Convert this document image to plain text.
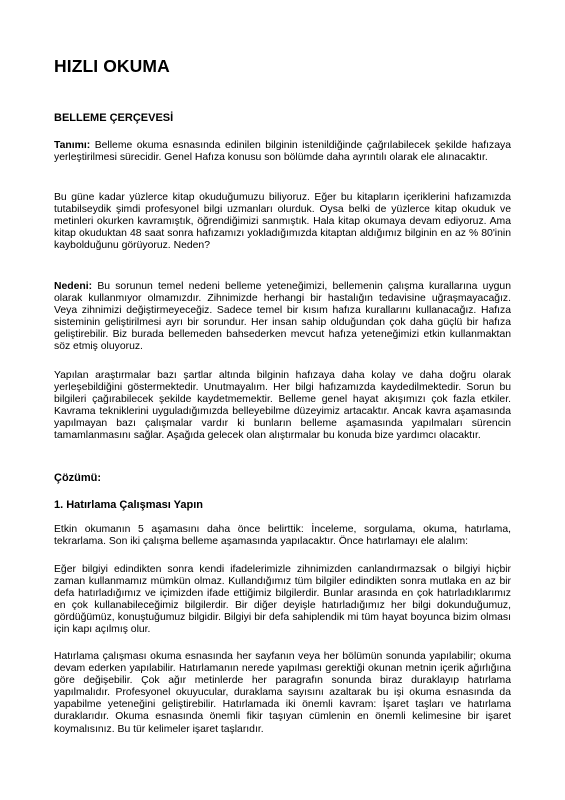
HIZLI OKUMA
BELLEME ÇERÇEVESİ

Tanımı: Belleme okuma esnasında edinilen bilginin istenildiğinde çağrılabilecek şekilde hafızaya yerleştirilmesi sürecidir. Genel Hafıza konusu son bölümde daha ayrıntılı olarak ele alınacaktır.

Bu güne kadar yüzlerce kitap okuduğumuzu biliyoruz. Eğer bu kitapların içeriklerini hafızamızda tutabilseydik şimdi profesyonel bilgi uzmanları olurduk. Oysa belki de yüzlerce kitap okuduk ve metinleri okurken kavramıştık, öğrendiğimizi sanmıştık. Hala kitap okumaya devam ediyoruz. Ama kitap okuduktan 48 saat sonra hafızamızı yokladığımızda kitaptan aldığımız bilginin en az % 80'inin kaybolduğunu görüyoruz. Neden?

Nedeni: Bu sorunun temel nedeni belleme yeteneğimizi, bellemenin çalışma kurallarına uygun olarak kullanmıyor olmamızdır. Zihnimizde herhangi bir hastalığın tedavisine uğraşmayacağız. Veya zihnimizi değiştirmeyeceğiz. Sadece temel bir kısım hafıza kurallarını kullanacağız. Hafıza sisteminin geliştirilmesi ayrı bir sorundur. Her insan sahip olduğundan çok daha güçlü bir hafıza geliştirebilir. Biz burada bellemeden bahsederken mevcut hafıza yeteneğimizi etkin kullanmaktan söz etmiş oluyoruz.

Yapılan araştırmalar bazı şartlar altında bilginin hafızaya daha kolay ve daha doğru olarak yerleşebildiğini göstermektedir. Unutmayalım. Her bilgi hafızamızda kaydedilmektedir. Sorun bu bilgileri çağırabilecek şekilde kaydetmemektir. Belleme genel hayat akışımızı çok fazla etkiler. Kavrama tekniklerini uyguladığımızda belleyebilme düzeyimiz artacaktır. Ancak kavra aşamasında yapılmayan bazı çalışmalar vardır ki bunların belleme aşamasında yapılmaları sürencin tamamlanmasını sağlar. Aşağıda gelecek olan alıştırmalar bu konuda bize yardımcı olacaktır.

Çözümü:
1. Hatırlama Çalışması Yapın

Etkin okumanın 5 aşamasını daha önce belirttik: İnceleme, sorgulama, okuma, hatırlama, tekrarlama. Son iki çalışma belleme aşamasında yapılacaktır. Önce hatırlamayı ele alalım:

Eğer bilgiyi edindikten sonra kendi ifadelerimizle zihnimizden canlandırmazsak o bilgiyi hiçbir zaman kullanmamız mümkün olmaz. Kullandığımız tüm bilgiler edindikten sonra mutlaka en az bir defa hatırladığımız ve içimizden ifade ettiğimiz bilgilerdir. Bunlar arasında en çok hatırladıklarımız en çok kullanabileceğimiz bilgilerdir. Bir diğer deyişle hatırladığımız her bilgi dokunduğumuz, gördüğümüz, konuştuğumuz bilgidir. Bilgiyi bir defa sahiplendik mi tüm hayat boyunca bizim olması için kapı açılmış olur.

Hatırlama çalışması okuma esnasında her sayfanın veya her bölümün sonunda yapılabilir; okuma devam ederken yapılabilir. Hatırlamanın nerede yapılması gerektiği okunan metnin içerik ağırlığına göre değişebilir. Çok ağır metinlerde her paragrafın sonunda biraz duraklayıp hatırlama yapılmalıdır. Profesyonel okuyucular, duraklama sayısını azaltarak bu işi okuma esnasında da yapabilme yeteneğini geliştirebilir. Hatırlamada iki önemli kavram: İşaret taşları ve hatırlama duraklarıdır. Okuma esnasında önemli fikir taşıyan cümlenin en önemli kelimesine bir işaret koymalısınız. Bu tür kelimeler işaret taşlarıdır.
